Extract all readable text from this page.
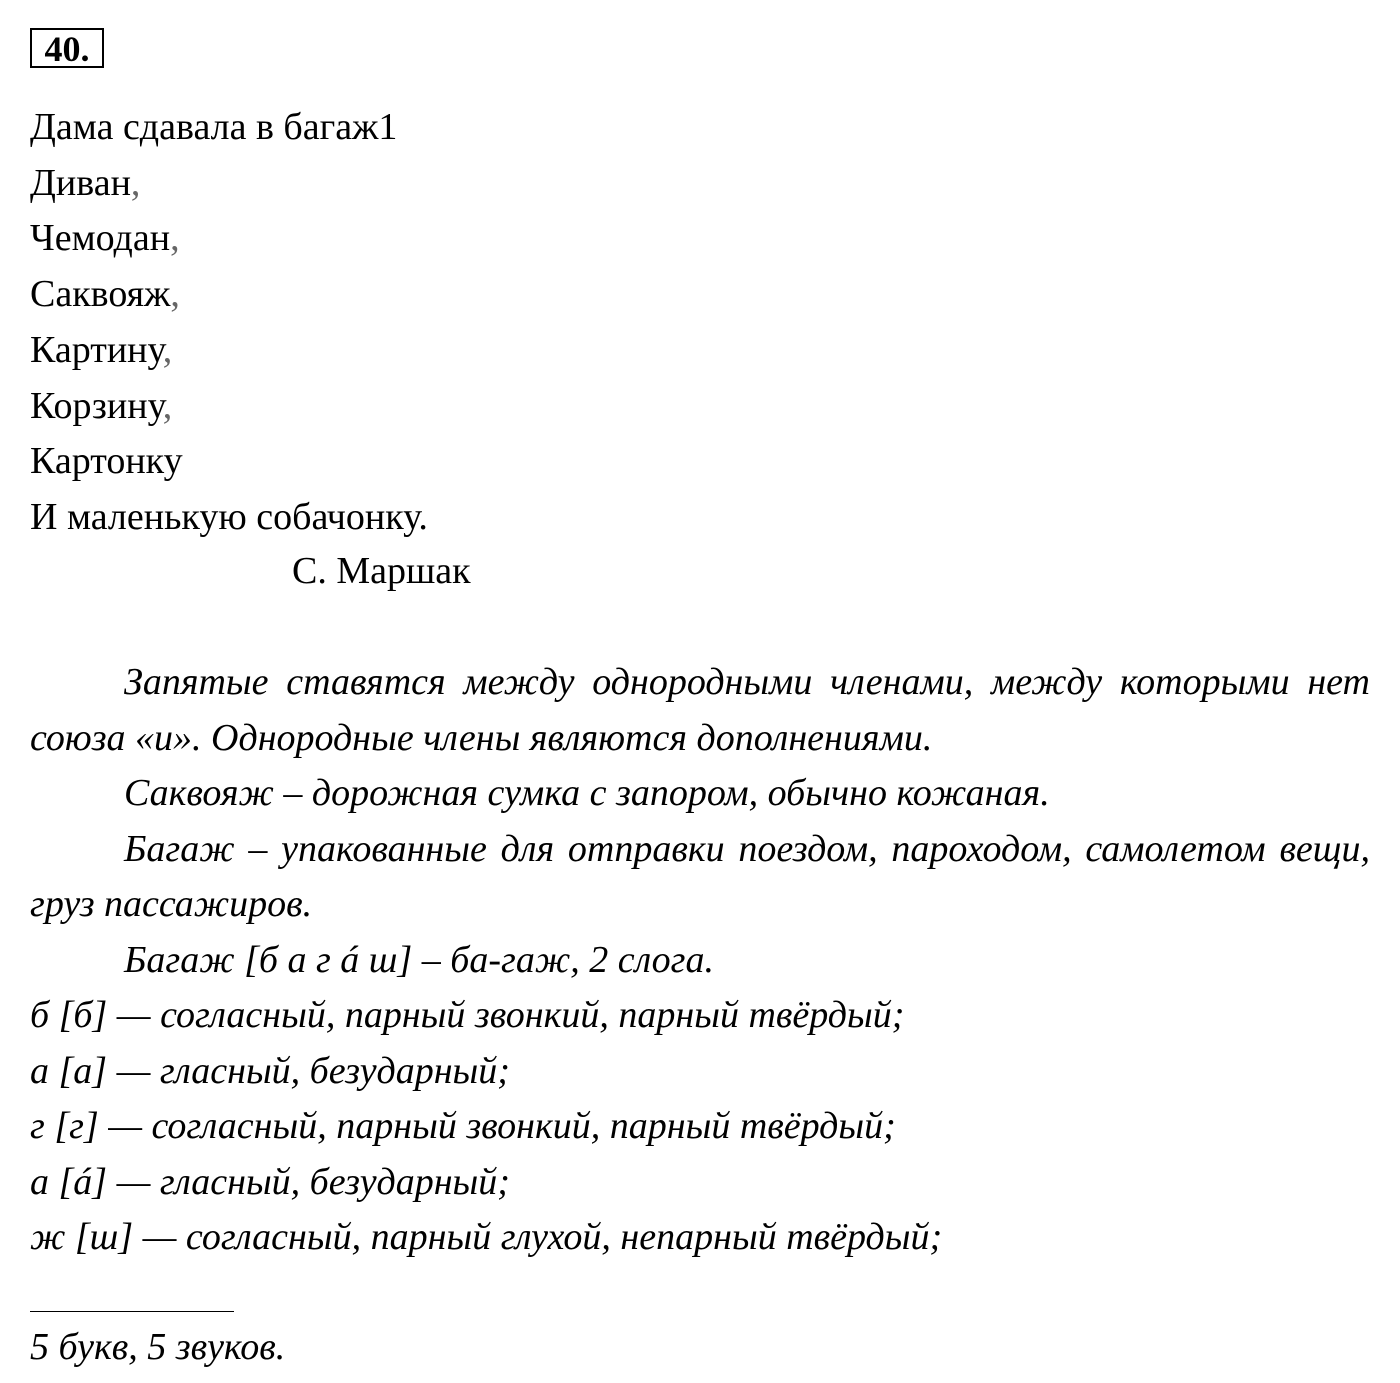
40.
Дама сдавала в багаж1
Диван,
Чемодан,
Саквояж,
Картину,
Корзину,
Картонку
И маленькую собачонку.
С. Маршак

Запятые ставятся между однородными членами, между которыми нет союза «и». Однородные члены являются дополнениями.

Саквояж – дорожная сумка с запором, обычно кожаная.

Багаж – упакованные для отправки поездом, пароходом, самолетом вещи, груз пассажиров.

Багаж [б а г á ш] – ба-гаж, 2 слога.

б [б] — согласный, парный звонкий, парный твёрдый;

а [а] — гласный, безударный;

г [г] — согласный, парный звонкий, парный твёрдый;

а [á] — гласный, безударный;

ж [ш] — согласный, парный глухой, непарный твёрдый;

5 букв, 5 звуков.
